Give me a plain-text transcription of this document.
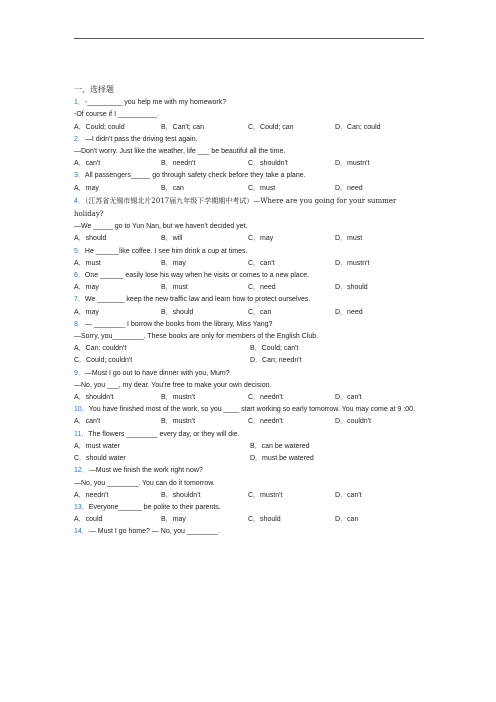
一、选择题
1．-_________ you help me with my homework?
-Of course if I __________.
A．Could; could	B．Can't; can	C．Could; can	D．Can; could
2．—I didn't pass the driving test again.
—Don't worry. Just like the weather, life ___ be beautiful all the time.
A．can't	B．needn't	C．shouldn't	D．mustn't
3．All passengers_____ go through safety check before they take a plane.
A．may	B．can	C．must	D．need
4．（江苏省无锡市锡北片2017届九年级下学期期中考试）—Where are you going for your summer holiday?
—We _____ go to Yun Nan, but we haven't decided yet.
A．should	B．will	C．may	D．must
5．He ______like coffee. I see him drink a cup at times.
A．must	B．may	C．can't	D．mustn't
6．One ______ easily lose his way when he visits or comes to a new place.
A．may	B．must	C．need	D．should
7．We _______ keep the new traffic law and learn how to protect ourselves.
A．may	B．should	C．can	D．need
8．— ________ I borrow the books from the library, Miss Yang?
—Sorry, you________. These books are only for members of the English Club.
A．Can; couldn't	B．Could; can't
C．Could; couldn't	D．Can; needn't
9．—Must I go out to have dinner with you, Mum?
—No, you ___, my dear. You're free to make your own decision.
A．shouldn't	B．mustn't	C．needn't	D．can't
10．You have finished most of the work, so you ____ start working so early tomorrow. You may come at 9 :00.
A．can't	B．mustn't	C．needn't	D．couldn't
11．The flowers ________ every day, or they will die.
A．must water	B．can be watered
C．should water	D．must be watered
12．—Must we finish the work right now?
—No, you ________. You can do it tomorrow.
A．needn't	B．shouldn't	C．mustn't	D．can't
13．Everyone______ be polite to their parents.
A．could	B．may	C．should	D．can
14．— Must I go home? — No, you ________.
